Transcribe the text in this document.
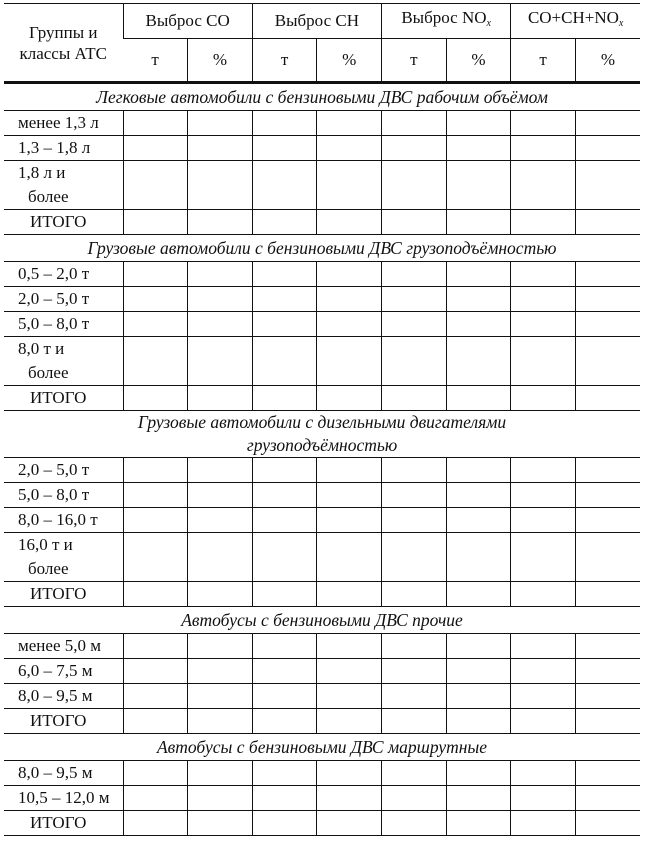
Группы и классы АТС	Выброс CO		Выброс CH		Выброс $NO_x$		$CO+CH+NO_x$
	т	%	т	%	т	%	т	%
Легковые автомобили с бензиновыми ДВС рабочим объёмом								
менее 1,3 л								
1,3 – 1,8 л								

1,8 л и
более								

ИТОГО								
Грузовые автомобили с бензиновыми ДВС грузоподъёмностью								
0,5 – 2,0 т								
2,0 – 5,0 т								
5,0 – 8,0 т								

8,0 т и
более								

ИТОГО								

Грузовые автомобили с дизельными двигателями
грузоподъёмностью								

2,0 – 5,0 т								
5,0 – 8,0 т								
8,0 – 16,0 т								

16,0 т и
более								

ИТОГО								
Автобусы с бензиновыми ДВС прочие								
менее 5,0 м								
6,0 – 7,5 м								
8,0 – 9,5 м								
ИТОГО								
Автобусы с бензиновыми ДВС маршрутные								
8,0 – 9,5 м								
10,5 – 12,0 м								
ИТОГО								
